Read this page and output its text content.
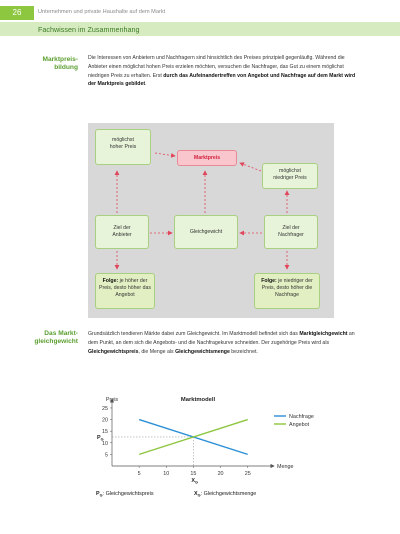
26	Unternehmen und private Haushalte auf dem Markt
Fachwissen im Zusammenhang
Marktpreis-
bildung
Die Interessen von Anbietern und Nachfragern sind hinsichtlich des Preises prinzipiell gegenläufig. Während die Anbieter einen möglichst hohen Preis erzielen möchten, versuchen die Nachfrager, das Gut zu einem möglichst niedrigen Preis zu erhalten. Erst durch das Aufeinandertreffen von Angebot und Nachfrage auf dem Markt wird der Marktpreis gebildet.
möglichst
hoher Preis
Marktpreis
möglichst
niedriger Preis
Ziel der
Anbieter	Gleichgewicht
Ziel der
Nachfrager
Folge: je höher der Preis, desto höher das Angebot
Folge: je niedriger der Preis, desto höher die Nachfrage
Das Markt-
gleichgewicht
Grundsätzlich tendieren Märkte dabei zum Gleichgewicht. Im Marktmodell befindet sich das Marktgleichgewicht an dem Punkt, an dem sich die Angebots- und die Nachfragekurve schneiden. Der zugehörige Preis wird als Gleichgewichtspreis, die Menge als Gleichgewichtsmenge bezeichnet.
Preis
Menge
Marktmodell
5	10	15	20	25
5
10
15
20
25
$P_G$
$X_G$
Nachfrage
Angebot
$P_G$: Gleichgewichtspreis	$X_G$: Gleichgewichtsmenge
